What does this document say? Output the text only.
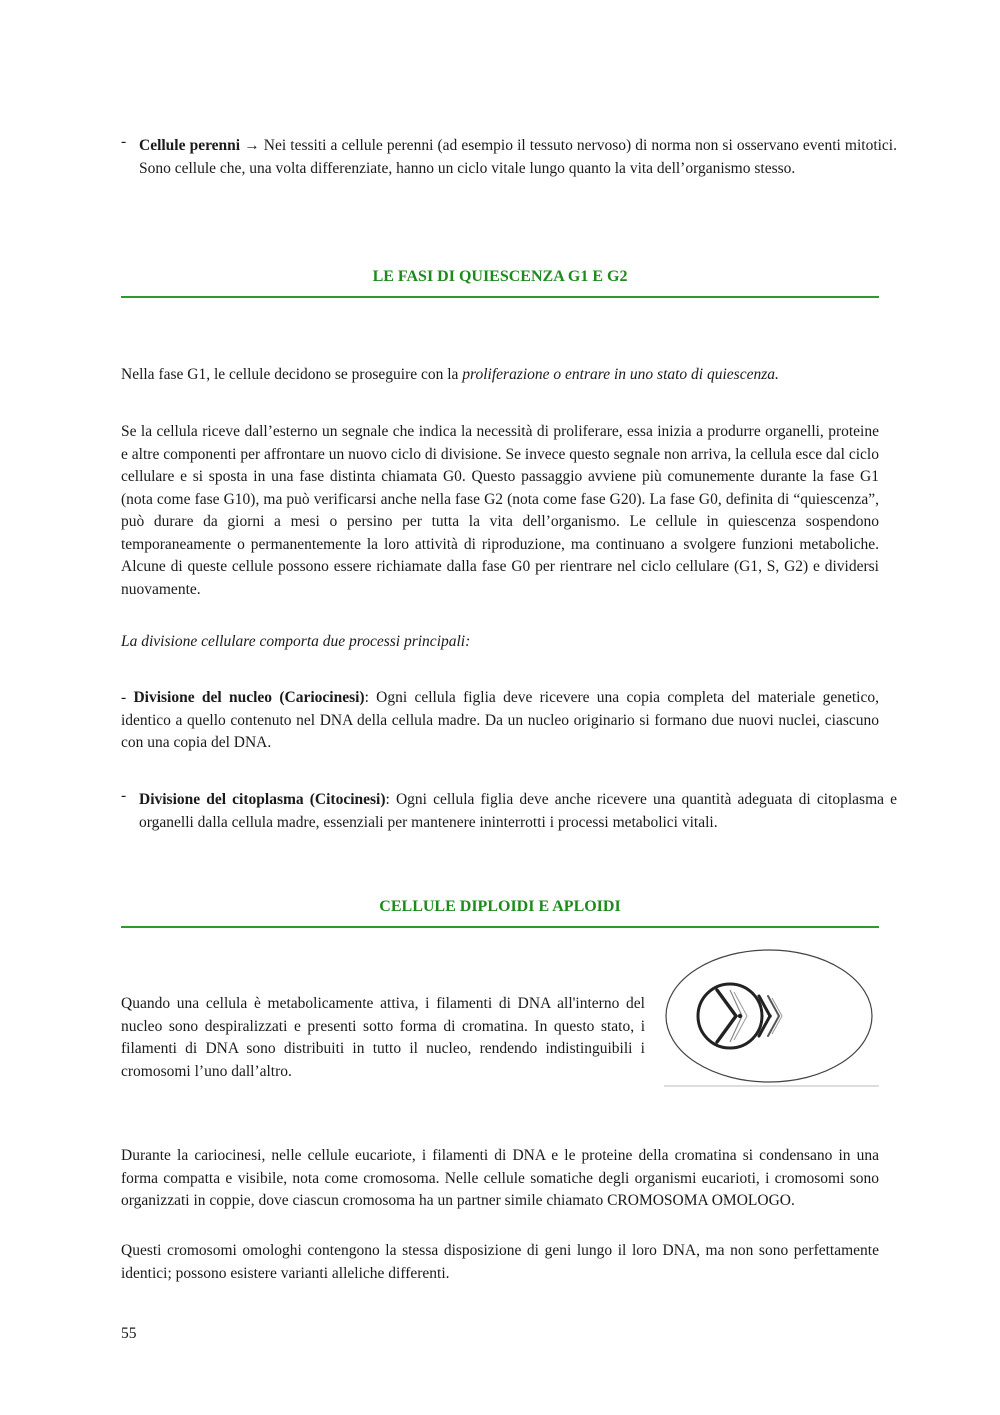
- Cellule perenni → Nei tessiti a cellule perenni (ad esempio il tessuto nervoso) di norma non si osservano eventi mitotici. Sono cellule che, una volta differenziate, hanno un ciclo vitale lungo quanto la vita dell’organismo stesso.

LE FASI DI QUIESCENZA G1 E G2

Nella fase G1, le cellule decidono se proseguire con la proliferazione o entrare in uno stato di quiescenza.

Se la cellula riceve dall’esterno un segnale che indica la necessità di proliferare, essa inizia a produrre organelli, proteine e altre componenti per affrontare un nuovo ciclo di divisione. Se invece questo segnale non arriva, la cellula esce dal ciclo cellulare e si sposta in una fase distinta chiamata G0. Questo passaggio avviene più comunemente durante la fase G1 (nota come fase G10), ma può verificarsi anche nella fase G2 (nota come fase G20). La fase G0, definita di “quiescenza”, può durare da giorni a mesi o persino per tutta la vita dell’organismo. Le cellule in quiescenza sospendono temporaneamente o permanentemente la loro attività di riproduzione, ma continuano a svolgere funzioni metaboliche. Alcune di queste cellule possono essere richiamate dalla fase G0 per rientrare nel ciclo cellulare (G1, S, G2) e dividersi nuovamente.

La divisione cellulare comporta due processi principali:

- Divisione del nucleo (Cariocinesi): Ogni cellula figlia deve ricevere una copia completa del materiale genetico, identico a quello contenuto nel DNA della cellula madre. Da un nucleo originario si formano due nuovi nuclei, ciascuno con una copia del DNA.

- Divisione del citoplasma (Citocinesi): Ogni cellula figlia deve anche ricevere una quantità adeguata di citoplasma e organelli dalla cellula madre, essenziali per mantenere ininterrotti i processi metabolici vitali.

CELLULE DIPLOIDI E APLOIDI

Quando una cellula è metabolicamente attiva, i filamenti di DNA all'interno del nucleo sono despiralizzati e presenti sotto forma di cromatina. In questo stato, i filamenti di DNA sono distribuiti in tutto il nucleo, rendendo indistinguibili i cromosomi l’uno dall’altro.

Durante la cariocinesi, nelle cellule eucariote, i filamenti di DNA e le proteine della cromatina si condensano in una forma compatta e visibile, nota come cromosoma. Nelle cellule somatiche degli organismi eucarioti, i cromosomi sono organizzati in coppie, dove ciascun cromosoma ha un partner simile chiamato CROMOSOMA OMOLOGO.

Questi cromosomi omologhi contengono la stessa disposizione di geni lungo il loro DNA, ma non sono perfettamente identici; possono esistere varianti alleliche differenti.

55
